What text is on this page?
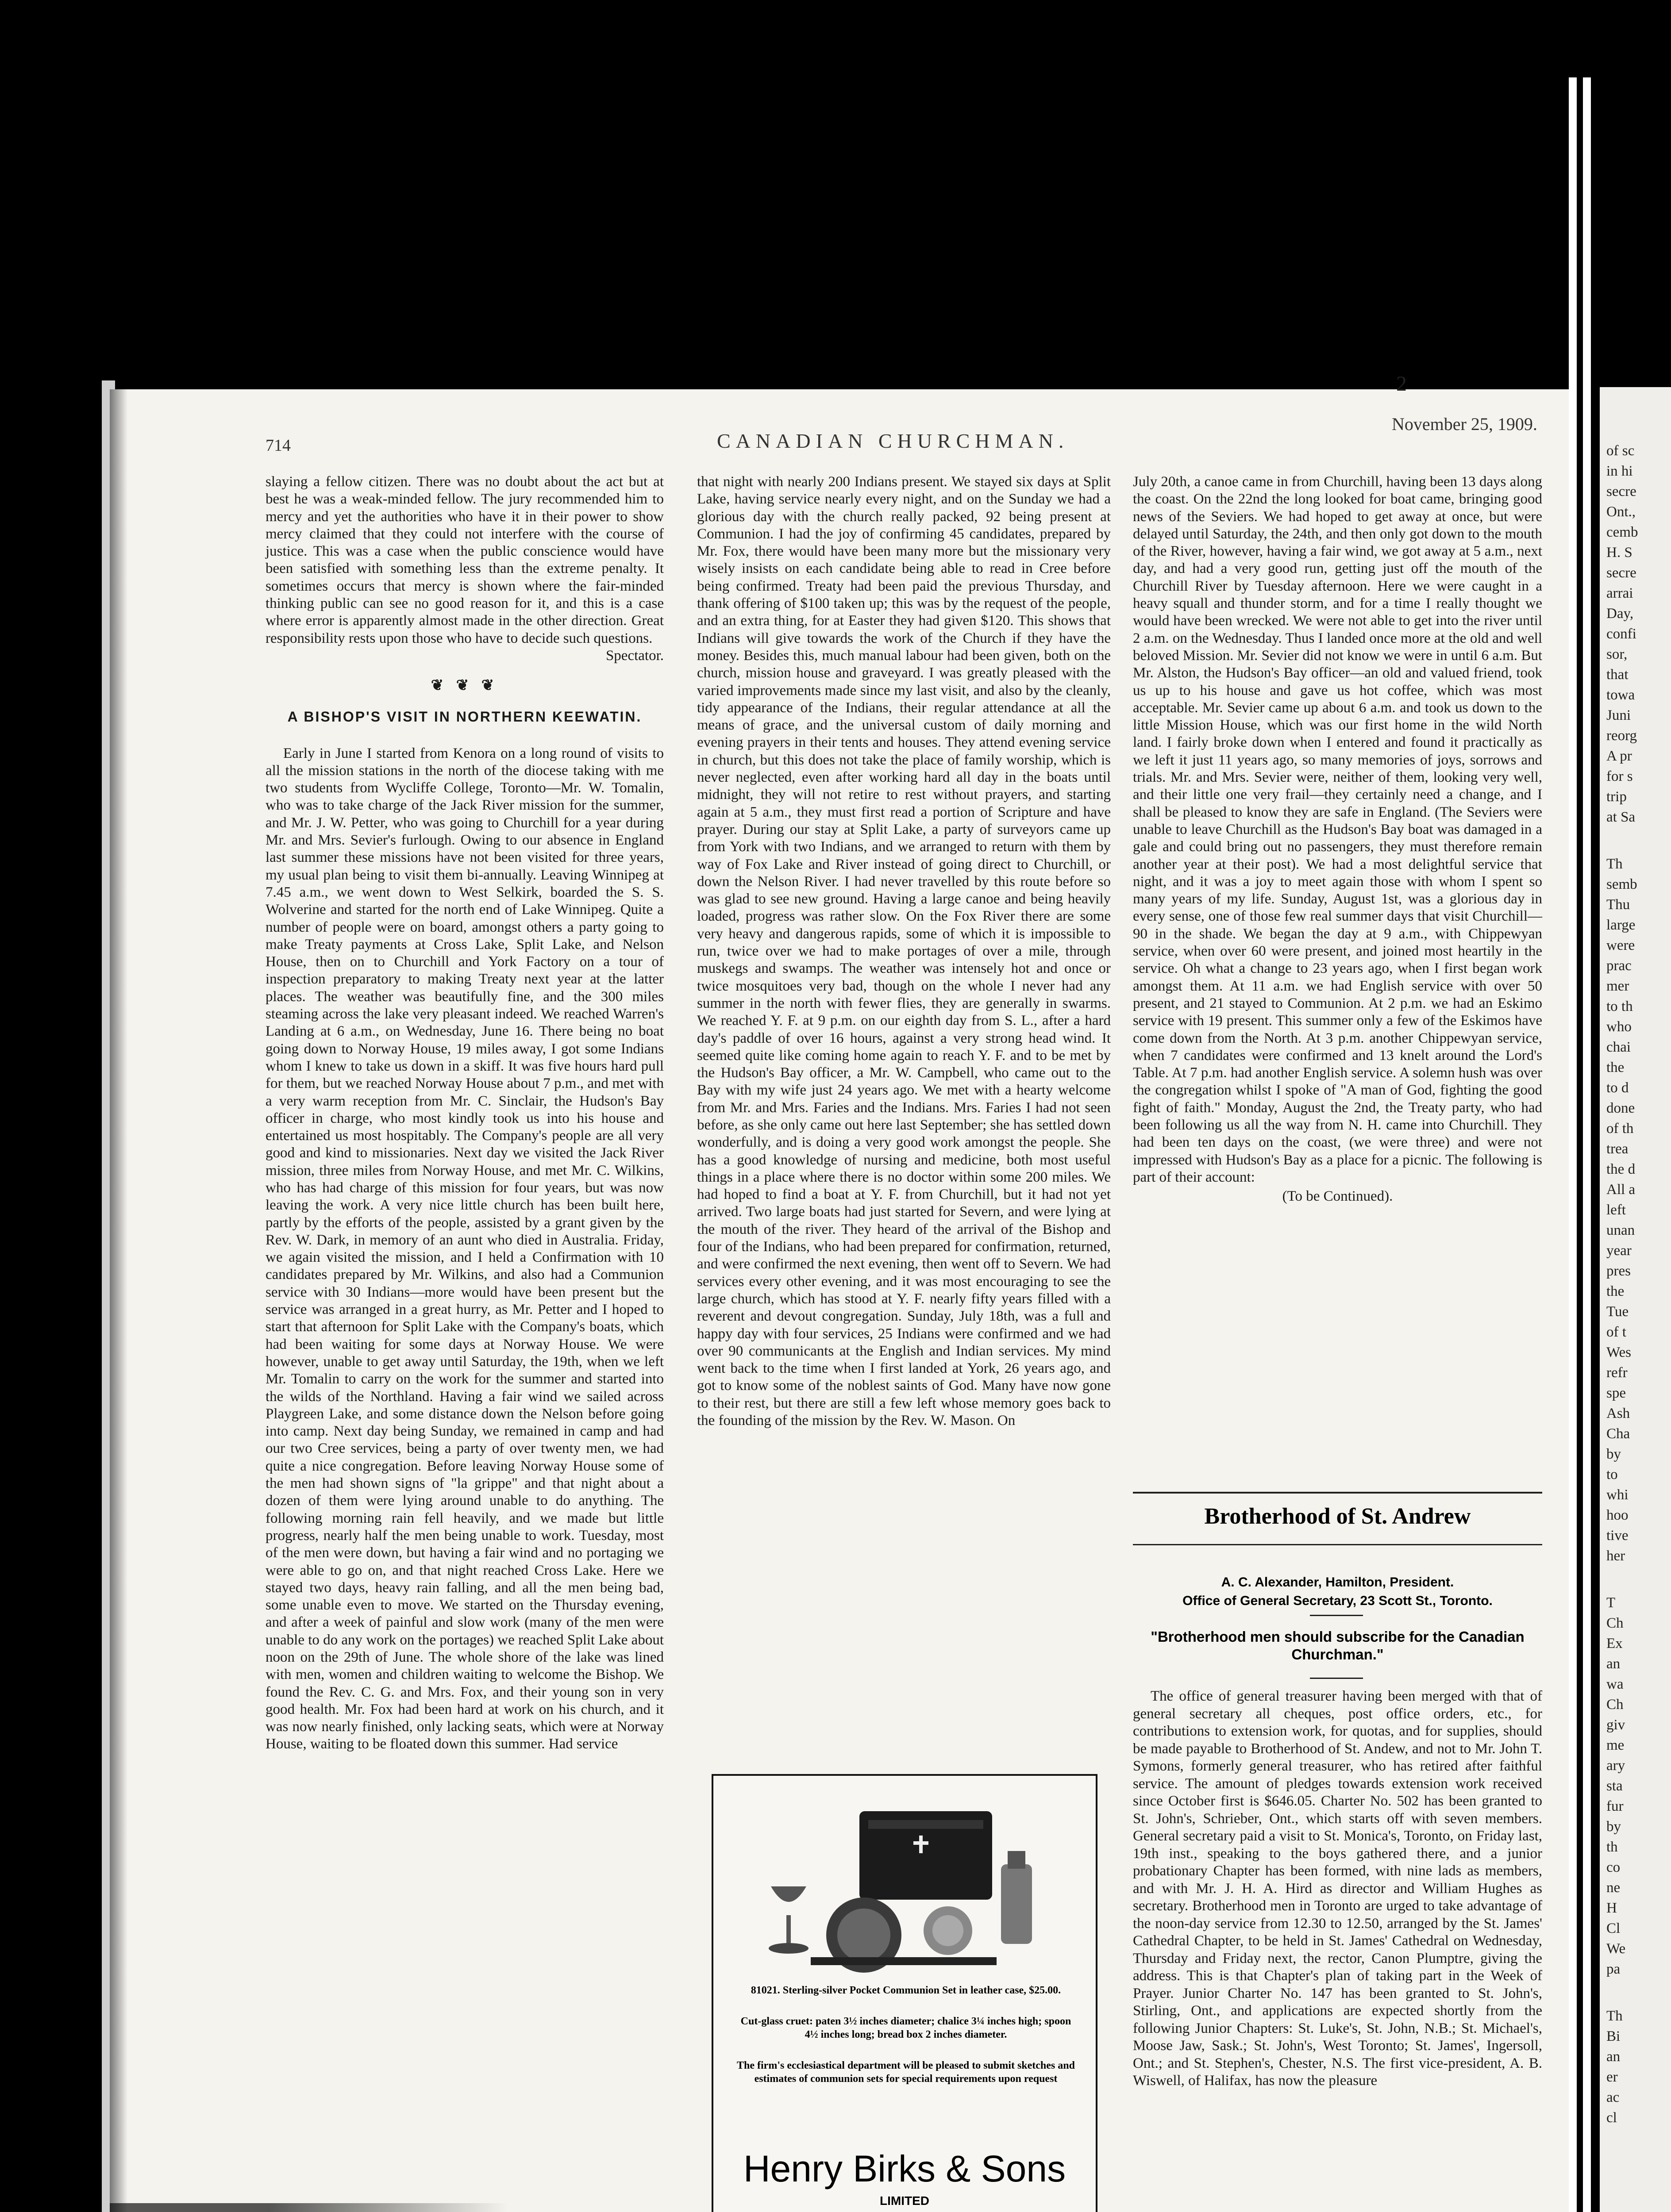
2
714	CANADIAN CHURCHMAN.
November 25, 1909.

slaying a fellow citizen. There was no doubt about the act but at best he was a weak-minded fellow. The jury recommended him to mercy and yet the authorities who have it in their power to show mercy claimed that they could not interfere with the course of justice. This was a case when the public conscience would have been satisfied with something less than the extreme penalty. It sometimes occurs that mercy is shown where the fair-minded thinking public can see no good reason for it, and this is a case where error is apparently almost made in the other direction. Great responsibility rests upon those who have to decide such questions.

Spectator.

❦ ❦ ❦
A BISHOP'S VISIT IN NORTHERN KEEWATIN.

Early in June I started from Kenora on a long round of visits to all the mission stations in the north of the diocese taking with me two students from Wycliffe College, Toronto—Mr. W. Tomalin, who was to take charge of the Jack River mission for the summer, and Mr. J. W. Petter, who was going to Churchill for a year during Mr. and Mrs. Sevier's furlough. Owing to our absence in England last summer these missions have not been visited for three years, my usual plan being to visit them bi-annually. Leaving Winnipeg at 7.45 a.m., we went down to West Selkirk, boarded the S. S. Wolverine and started for the north end of Lake Winnipeg. Quite a number of people were on board, amongst others a party going to make Treaty payments at Cross Lake, Split Lake, and Nelson House, then on to Churchill and York Factory on a tour of inspection preparatory to making Treaty next year at the latter places. The weather was beautifully fine, and the 300 miles steaming across the lake very pleasant indeed. We reached Warren's Landing at 6 a.m., on Wednesday, June 16. There being no boat going down to Norway House, 19 miles away, I got some Indians whom I knew to take us down in a skiff. It was five hours hard pull for them, but we reached Norway House about 7 p.m., and met with a very warm reception from Mr. C. Sinclair, the Hudson's Bay officer in charge, who most kindly took us into his house and entertained us most hospitably. The Company's people are all very good and kind to missionaries. Next day we visited the Jack River mission, three miles from Norway House, and met Mr. C. Wilkins, who has had charge of this mission for four years, but was now leaving the work. A very nice little church has been built here, partly by the efforts of the people, assisted by a grant given by the Rev. W. Dark, in memory of an aunt who died in Australia. Friday, we again visited the mission, and I held a Confirmation with 10 candidates prepared by Mr. Wilkins, and also had a Communion service with 30 Indians—more would have been present but the service was arranged in a great hurry, as Mr. Petter and I hoped to start that afternoon for Split Lake with the Company's boats, which had been waiting for some days at Norway House. We were however, unable to get away until Saturday, the 19th, when we left Mr. Tomalin to carry on the work for the summer and started into the wilds of the Northland. Having a fair wind we sailed across Playgreen Lake, and some distance down the Nelson before going into camp. Next day being Sunday, we remained in camp and had our two Cree services, being a party of over twenty men, we had quite a nice congregation. Before leaving Norway House some of the men had shown signs of "la grippe" and that night about a dozen of them were lying around unable to do anything. The following morning rain fell heavily, and we made but little progress, nearly half the men being unable to work. Tuesday, most of the men were down, but having a fair wind and no portaging we were able to go on, and that night reached Cross Lake. Here we stayed two days, heavy rain falling, and all the men being bad, some unable even to move. We started on the Thursday evening, and after a week of painful and slow work (many of the men were unable to do any work on the portages) we reached Split Lake about noon on the 29th of June. The whole shore of the lake was lined with men, women and children waiting to welcome the Bishop. We found the Rev. C. G. and Mrs. Fox, and their young son in very good health. Mr. Fox had been hard at work on his church, and it was now nearly finished, only lacking seats, which were at Norway House, waiting to be floated down this summer. Had service

that night with nearly 200 Indians present. We stayed six days at Split Lake, having service nearly every night, and on the Sunday we had a glorious day with the church really packed, 92 being present at Communion. I had the joy of confirming 45 candidates, prepared by Mr. Fox, there would have been many more but the missionary very wisely insists on each candidate being able to read in Cree before being confirmed. Treaty had been paid the previous Thursday, and thank offering of $100 taken up; this was by the request of the people, and an extra thing, for at Easter they had given $120. This shows that Indians will give towards the work of the Church if they have the money. Besides this, much manual labour had been given, both on the church, mission house and graveyard. I was greatly pleased with the varied improvements made since my last visit, and also by the cleanly, tidy appearance of the Indians, their regular attendance at all the means of grace, and the universal custom of daily morning and evening prayers in their tents and houses. They attend evening service in church, but this does not take the place of family worship, which is never neglected, even after working hard all day in the boats until midnight, they will not retire to rest without prayers, and starting again at 5 a.m., they must first read a portion of Scripture and have prayer. During our stay at Split Lake, a party of surveyors came up from York with two Indians, and we arranged to return with them by way of Fox Lake and River instead of going direct to Churchill, or down the Nelson River. I had never travelled by this route before so was glad to see new ground. Having a large canoe and being heavily loaded, progress was rather slow. On the Fox River there are some very heavy and dangerous rapids, some of which it is impossible to run, twice over we had to make portages of over a mile, through muskegs and swamps. The weather was intensely hot and once or twice mosquitoes very bad, though on the whole I never had any summer in the north with fewer flies, they are generally in swarms. We reached Y. F. at 9 p.m. on our eighth day from S. L., after a hard day's paddle of over 16 hours, against a very strong head wind. It seemed quite like coming home again to reach Y. F. and to be met by the Hudson's Bay officer, a Mr. W. Campbell, who came out to the Bay with my wife just 24 years ago. We met with a hearty welcome from Mr. and Mrs. Faries and the Indians. Mrs. Faries I had not seen before, as she only came out here last September; she has settled down wonderfully, and is doing a very good work amongst the people. She has a good knowledge of nursing and medicine, both most useful things in a place where there is no doctor within some 200 miles. We had hoped to find a boat at Y. F. from Churchill, but it had not yet arrived. Two large boats had just started for Severn, and were lying at the mouth of the river. They heard of the arrival of the Bishop and four of the Indians, who had been prepared for confirmation, returned, and were confirmed the next evening, then went off to Severn. We had services every other evening, and it was most encouraging to see the large church, which has stood at Y. F. nearly fifty years filled with a reverent and devout congregation. Sunday, July 18th, was a full and happy day with four services, 25 Indians were confirmed and we had over 90 communicants at the English and Indian services. My mind went back to the time when I first landed at York, 26 years ago, and got to know some of the noblest saints of God. Many have now gone to their rest, but there are still a few left whose memory goes back to the founding of the mission by the Rev. W. Mason. On

81021. Sterling-silver Pocket Communion Set in leather case, $25.00.
Cut-glass cruet: paten 3½ inches diameter; chalice 3¼ inches high; spoon 4½ inches long; bread box 2 inches diameter.
The firm's ecclesiastical department will be pleased to submit sketches and estimates of communion sets for special requirements upon request
Henry Birks & Sons
LIMITED

July 20th, a canoe came in from Churchill, having been 13 days along the coast. On the 22nd the long looked for boat came, bringing good news of the Seviers. We had hoped to get away at once, but were delayed until Saturday, the 24th, and then only got down to the mouth of the River, however, having a fair wind, we got away at 5 a.m., next day, and had a very good run, getting just off the mouth of the Churchill River by Tuesday afternoon. Here we were caught in a heavy squall and thunder storm, and for a time I really thought we would have been wrecked. We were not able to get into the river until 2 a.m. on the Wednesday. Thus I landed once more at the old and well beloved Mission. Mr. Sevier did not know we were in until 6 a.m. But Mr. Alston, the Hudson's Bay officer—an old and valued friend, took us up to his house and gave us hot coffee, which was most acceptable. Mr. Sevier came up about 6 a.m. and took us down to the little Mission House, which was our first home in the wild North land. I fairly broke down when I entered and found it practically as we left it just 11 years ago, so many memories of joys, sorrows and trials. Mr. and Mrs. Sevier were, neither of them, looking very well, and their little one very frail—they certainly need a change, and I shall be pleased to know they are safe in England. (The Seviers were unable to leave Churchill as the Hudson's Bay boat was damaged in a gale and could bring out no passengers, they must therefore remain another year at their post). We had a most delightful service that night, and it was a joy to meet again those with whom I spent so many years of my life. Sunday, August 1st, was a glorious day in every sense, one of those few real summer days that visit Churchill—90 in the shade. We began the day at 9 a.m., with Chippewyan service, when over 60 were present, and joined most heartily in the service. Oh what a change to 23 years ago, when I first began work amongst them. At 11 a.m. we had English service with over 50 present, and 21 stayed to Communion. At 2 p.m. we had an Eskimo service with 19 present. This summer only a few of the Eskimos have come down from the North. At 3 p.m. another Chippewyan service, when 7 candidates were confirmed and 13 knelt around the Lord's Table. At 7 p.m. had another English service. A solemn hush was over the congregation whilst I spoke of "A man of God, fighting the good fight of faith." Monday, August the 2nd, the Treaty party, who had been following us all the way from N. H. came into Churchill. They had been ten days on the coast, (we were three) and were not impressed with Hudson's Bay as a place for a picnic. The following is part of their account:

(To be Continued).

Brotherhood of St. Andrew
A. C. Alexander, Hamilton, President.
Office of General Secretary, 23 Scott St., Toronto.
"Brotherhood men should subscribe for the Canadian Churchman."

The office of general treasurer having been merged with that of general secretary all cheques, post office orders, etc., for contributions to extension work, for quotas, and for supplies, should be made payable to Brotherhood of St. Andew, and not to Mr. John T. Symons, formerly general treasurer, who has retired after faithful service. The amount of pledges towards extension work received since October first is $646.05. Charter No. 502 has been granted to St. John's, Schrieber, Ont., which starts off with seven members. General secretary paid a visit to St. Monica's, Toronto, on Friday last, 19th inst., speaking to the boys gathered there, and a junior probationary Chapter has been formed, with nine lads as members, and with Mr. J. H. A. Hird as director and William Hughes as secretary. Brotherhood men in Toronto are urged to take advantage of the noon-day service from 12.30 to 12.50, arranged by the St. James' Cathedral Chapter, to be held in St. James' Cathedral on Wednesday, Thursday and Friday next, the rector, Canon Plumptre, giving the address. This is that Chapter's plan of taking part in the Week of Prayer. Junior Charter No. 147 has been granted to St. John's, Stirling, Ont., and applications are expected shortly from the following Junior Chapters: St. Luke's, St. John, N.B.; St. Michael's, Moose Jaw, Sask.; St. John's, West Toronto; St. James', Ingersoll, Ont.; and St. Stephen's, Chester, N.S. The first vice-president, A. B. Wiswell, of Halifax, has now the pleasure

of sc
in hi
secre
Ont.,
cemb
H. S
secre
arrai
Day,
confi
sor,
that
towa
Juni
reorg
A pr
for s
trip
at Sa
Th
semb
Thu
large
were
prac
mer
to th
who
chai
the
to d
done
of th
trea
the d
All a
left
unan
year
pres
the
Tue
of t
Wes
refr
spe
Ash
Cha
by
to
whi
hoo
tive
her
T
Ch
Ex
an
wa
Ch
giv
me
ary
sta
fur
by
th
co
ne
H
Cl
We
pa
Th
Bi
an
er
ac
cl
